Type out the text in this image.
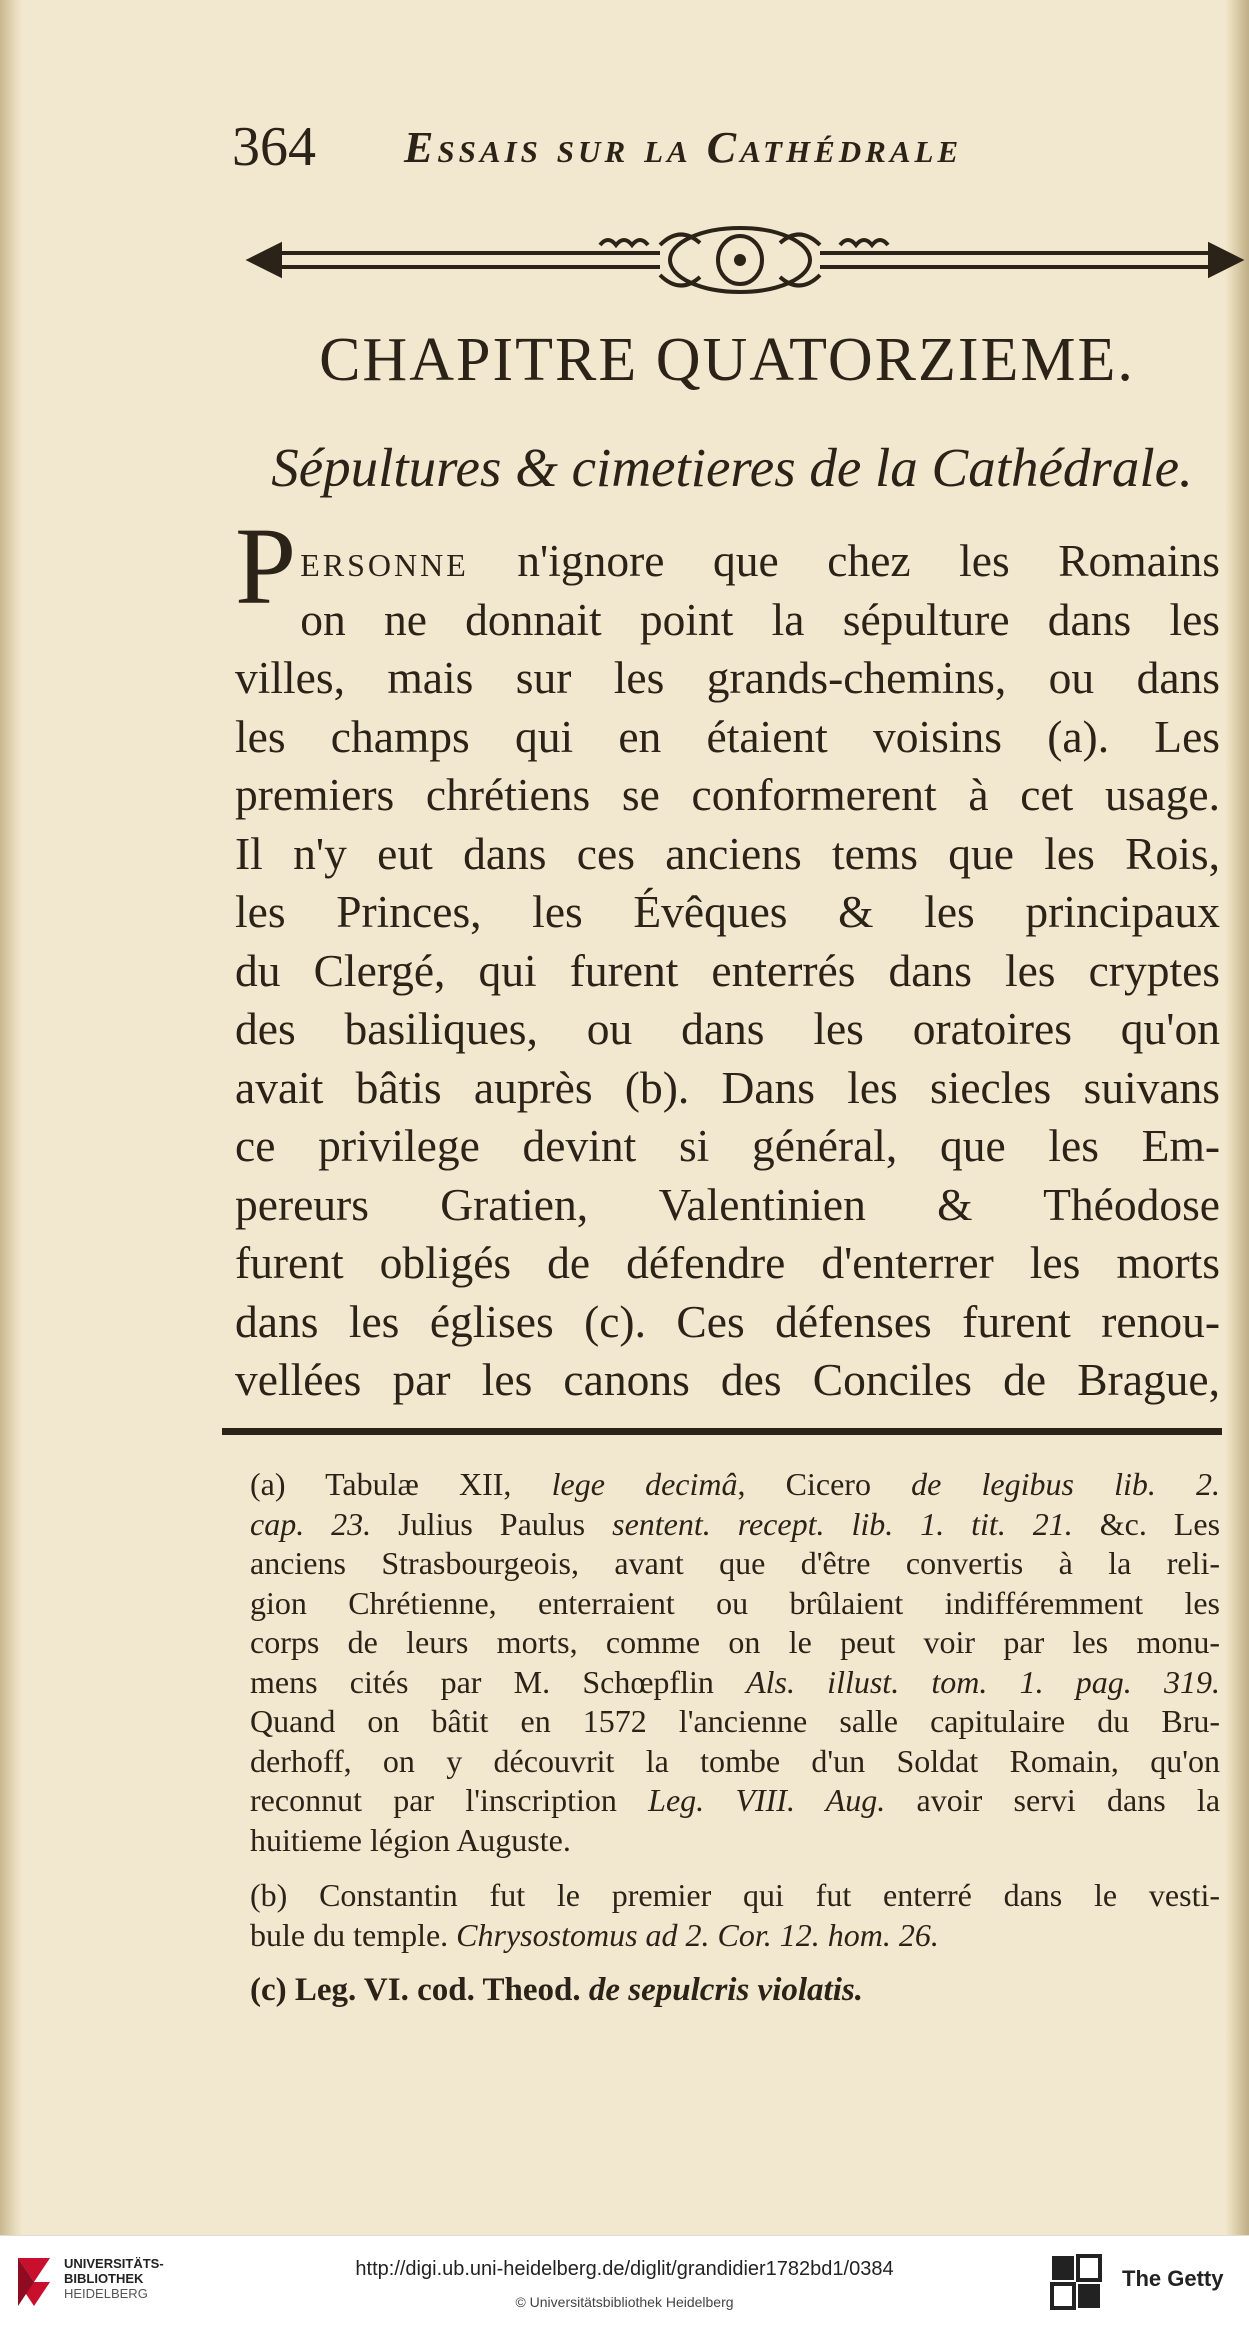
364 Essais sur la Cathédrale
CHAPITRE QUATORZIEME.
Sépultures & cimetieres de la Cathédrale.
Personne n'ignore que chez les Romains
on ne donnait point la sépulture dans les
villes, mais sur les grands-chemins, ou dans
les champs qui en étaient voisins (a). Les
premiers chrétiens se conformerent à cet usage.
Il n'y eut dans ces anciens tems que les Rois,
les Princes, les Évêques & les principaux
du Clergé, qui furent enterrés dans les cryptes
des basiliques, ou dans les oratoires qu'on
avait bâtis auprès (b). Dans les siecles suivans
ce privilege devint si général, que les Em-
pereurs Gratien, Valentinien & Théodose
furent obligés de défendre d'enterrer les morts
dans les églises (c). Ces défenses furent renou-
vellées par les canons des Conciles de Brague,
(a) Tabulæ XII, lege decimâ, Cicero de legibus lib. 2.
cap. 23. Julius Paulus sentent. recept. lib. 1. tit. 21. &c. Les
anciens Strasbourgeois, avant que d'être convertis à la reli-
gion Chrétienne, enterraient ou brûlaient indifféremment les
corps de leurs morts, comme on le peut voir par les monu-
mens cités par M. Schœpflin Als. illust. tom. 1. pag. 319.
Quand on bâtit en 1572 l'ancienne salle capitulaire du Bru-
derhoff, on y découvrit la tombe d'un Soldat Romain, qu'on
reconnut par l'inscription Leg. VIII. Aug. avoir servi dans la
huitieme légion Auguste.
(b) Constantin fut le premier qui fut enterré dans le vesti-
bule du temple. Chrysostomus ad 2. Cor. 12. hom. 26.
(c) Leg. VI. cod. Theod. de sepulcris violatis.
UNIVERSITÄTS-
BIBLIOTHEK
HEIDELBERG
http://digi.ub.uni-heidelberg.de/diglit/grandidier1782bd1/0384
© Universitätsbibliothek Heidelberg
The Getty
